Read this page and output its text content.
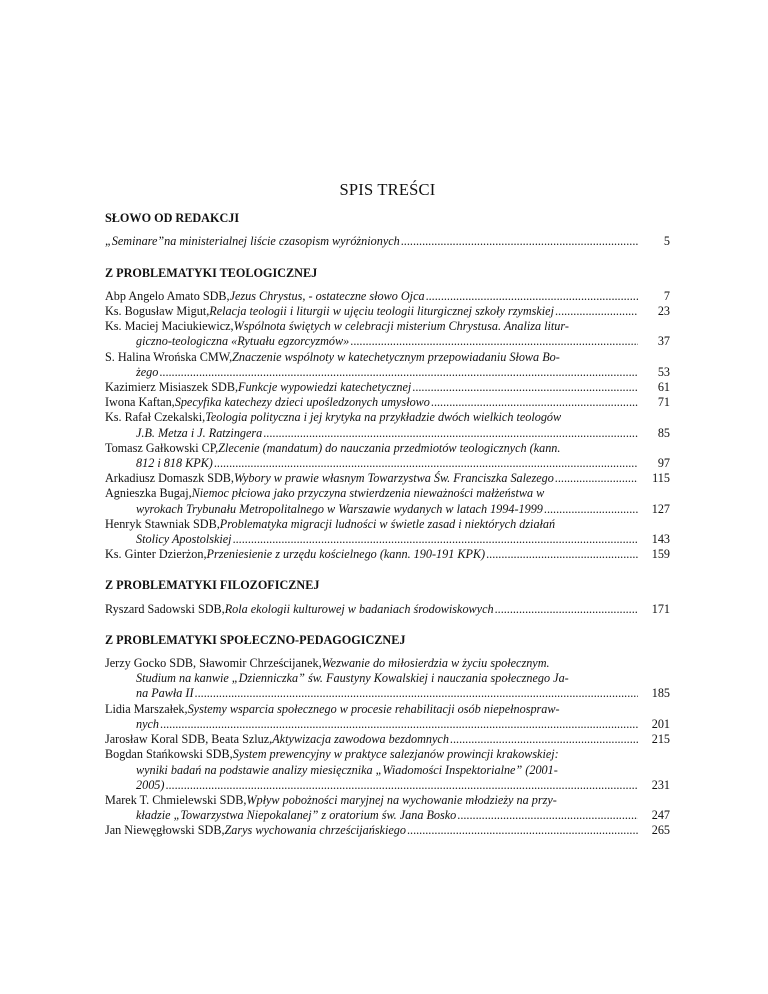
SPIS TREŚCI
SŁOWO OD REDAKCJI
„Seminare”na ministerialnej liście czasopism wyróżnionych .....	5
Z PROBLEMATYKI TEOLOGICZNEJ
Abp Angelo Amato SDB, Jezus Chrystus, - ostateczne słowo Ojca .....	7
Ks. Bogusław Migut, Relacja teologii i liturgii w ujęciu teologii liturgicznej szkoły rzymskiej .....	23
Ks. Maciej Maciukiewicz, Wspólnota świętych w celebracji misterium Chrystusa. Analiza litur-
giczno-teologiczna «Rytuału egzorcyzmów» .....	37
S. Halina Wrońska CMW, Znaczenie wspólnoty w katechetycznym przepowiadaniu Słowa Bo-
żego .....	53
Kazimierz Misiaszek SDB, Funkcje wypowiedzi katechetycznej .....	61
Iwona Kaftan, Specyfika katechezy dzieci upośledzonych umysłowo .....	71
Ks. Rafał Czekalski, Teologia polityczna i jej krytyka na przykładzie dwóch wielkich teologów
J.B. Metza i J. Ratzingera .....	85
Tomasz Gałkowski CP, Zlecenie (mandatum) do nauczania przedmiotów teologicznych (kann.
812 i 818 KPK) .....	97
Arkadiusz Domaszk SDB, Wybory w prawie własnym Towarzystwa Św. Franciszka Salezego .....	115
Agnieszka Bugaj, Niemoc płciowa jako przyczyna stwierdzenia nieważności małżeństwa w
wyrokach Trybunału Metropolitalnego w Warszawie wydanych w latach 1994-1999 .....	127
Henryk Stawniak SDB, Problematyka migracji ludności w świetle zasad i niektórych działań
Stolicy Apostolskiej .....	143
Ks. Ginter Dzierżon, Przeniesienie z urzędu kościelnego (kann. 190-191 KPK) .....	159
Z PROBLEMATYKI FILOZOFICZNEJ
Ryszard Sadowski SDB, Rola ekologii kulturowej w badaniach środowiskowych .....	171
Z PROBLEMATYKI SPOŁECZNO-PEDAGOGICZNEJ
Jerzy Gocko SDB, Sławomir Chrześcijanek, Wezwanie do miłosierdzia w życiu społecznym.
Studium na kanwie „Dzienniczka” św. Faustyny Kowalskiej i nauczania społecznego Ja-
na Pawła II .....	185
Lidia Marszałek, Systemy wsparcia społecznego w procesie rehabilitacji osób niepełnospraw-
nych .....	201
Jarosław Koral SDB, Beata Szluz, Aktywizacja zawodowa bezdomnych .....	215
Bogdan Stańkowski SDB, System prewencyjny w praktyce salezjanów prowincji krakowskiej:
wyniki badań na podstawie analizy miesięcznika „Wiadomości Inspektorialne” (2001-
2005) .....	231
Marek T. Chmielewski SDB, Wpływ pobożności maryjnej na wychowanie młodzieży na przy-
kładzie „Towarzystwa Niepokalanej” z oratorium św. Jana Bosko .....	247
Jan Niewęgłowski SDB, Zarys wychowania chrześcijańskiego .....	265
